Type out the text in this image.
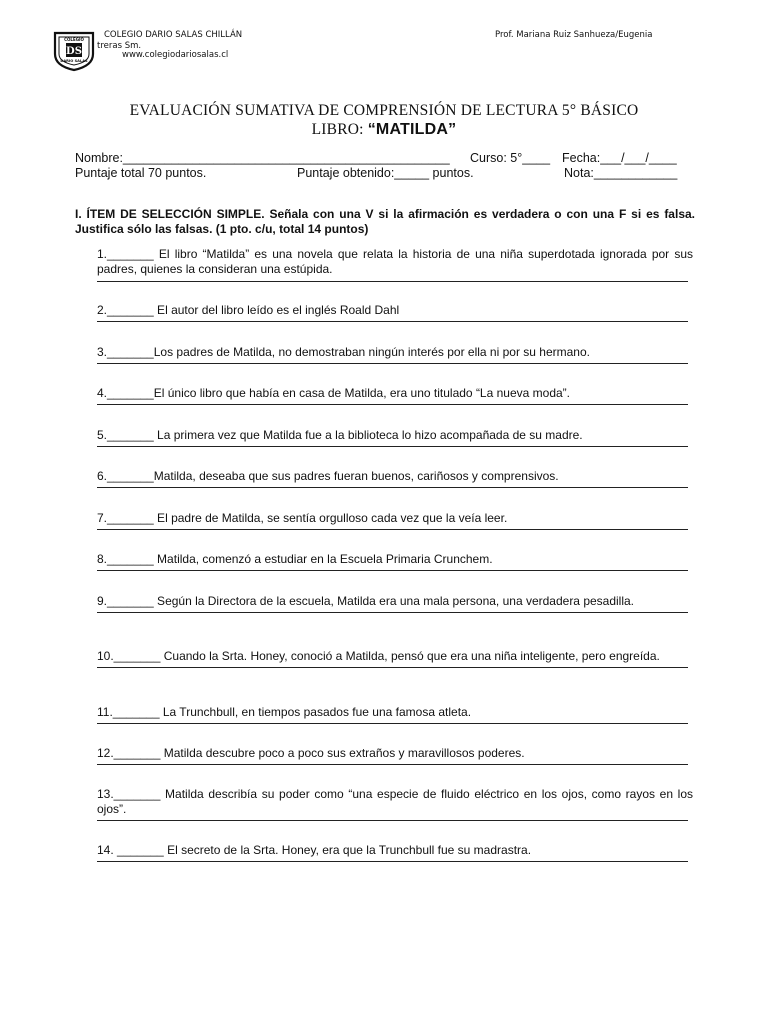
COLEGIO
DS
DARIO SALAS
COLEGIO DARIO SALAS CHILLÁN
treras Sm.
www.colegiodariosalas.cl
Prof. Mariana Ruiz Sanhueza/Eugenia
EVALUACIÓN SUMATIVA DE COMPRENSIÓN DE LECTURA 5° BÁSICO
LIBRO: “MATILDA”
Nombre:_______________________________________________ Curso: 5°____ Fecha:___/___/____
Puntaje total 70 puntos.	Puntaje obtenido:_____ puntos.	Nota:____________
I. ÍTEM DE SELECCIÓN SIMPLE. Señala con una V si la afirmación es verdadera o con una F si es falsa. Justifica sólo las falsas. (1 pto. c/u, total 14 puntos)
1._______ El libro “Matilda” es una novela que relata la historia de una niña superdotada ignorada por sus padres, quienes la consideran una estúpida.
2._______ El autor del libro leído es el inglés Roald Dahl
3._______Los padres de Matilda, no demostraban ningún interés por ella ni por su hermano.
4._______El único libro que había en casa de Matilda, era uno titulado “La nueva moda”.
5._______ La primera vez que Matilda fue a la biblioteca lo hizo acompañada de su madre.
6._______Matilda, deseaba que sus padres fueran buenos, cariñosos y comprensivos.
7._______ El padre de Matilda, se sentía orgulloso cada vez que la veía leer.
8._______ Matilda, comenzó a estudiar en la Escuela Primaria Crunchem.
9._______ Según la Directora de la escuela, Matilda era una mala persona, una verdadera pesadilla.
10._______ Cuando la Srta. Honey, conoció a Matilda, pensó que era una niña inteligente, pero engreída.
11._______ La Trunchbull, en tiempos pasados fue una famosa atleta.
12._______ Matilda descubre poco a poco sus extraños y maravillosos poderes.
13._______ Matilda describía su poder como “una especie de fluido eléctrico en los ojos, como rayos en los ojos”.
14. _______ El secreto de la Srta. Honey, era que la Trunchbull fue su madrastra.
